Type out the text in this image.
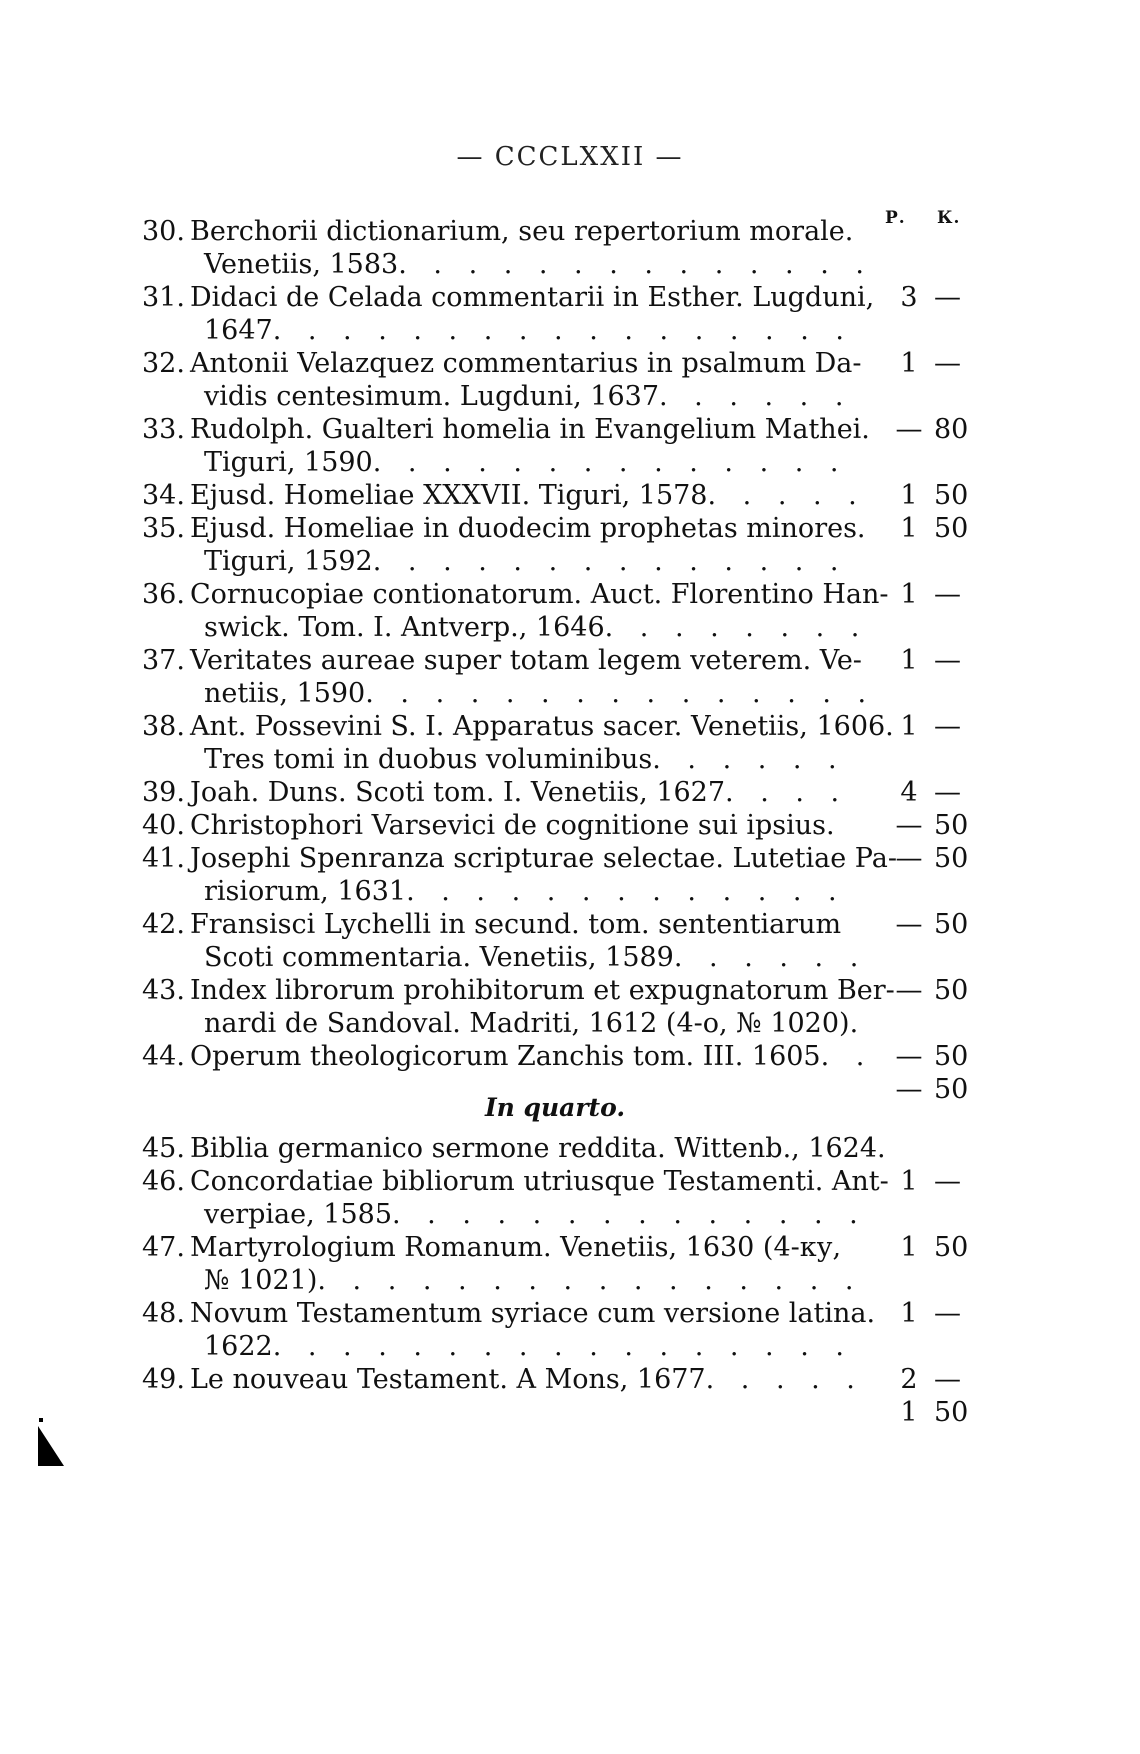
— CCCLXXII —
Р. К.
30. Berchorii dictionarium, seu repertorium morale.
Venetiis, 1583. . . . . . . . . . . . . .
3 —
31. Didaci de Celada commentarii in Esther. Lugduni,
1647. . . . . . . . . . . . . . . . .
1 —
32. Antonii Velazquez commentarius in psalmum Da-
vidis centesimum. Lugduni, 1637. . . . . .
— 80
33. Rudolph. Gualteri homelia in Evangelium Mathei.
Tiguri, 1590. . . . . . . . . . . . . .
1 50
34. Ejusd. Homeliae XXXVII. Tiguri, 1578. . . . .
1 50
35. Ejusd. Homeliae in duodecim prophetas minores.
Tiguri, 1592. . . . . . . . . . . . . .
1 —
36. Cornucopiae contionatorum. Auct. Florentino Han-
swick. Tom. I. Antverp., 1646. . . . . . . .
1 —
37. Veritates aureae super totam legem veterem. Ve-
netiis, 1590. . . . . . . . . . . . . . .
1 —
38. Ant. Possevini S. I. Apparatus sacer. Venetiis, 1606.
Tres tomi in duobus voluminibus. . . . . .
4 —
39. Joah. Duns. Scoti tom. I. Venetiis, 1627. . . .
— 50
40. Christophori Varsevici de cognitione sui ipsius.
— 50
41. Josephi Spenranza scripturae selectae. Lutetiae Pa-
risiorum, 1631. . . . . . . . . . . . .
— 50
42. Fransisci Lychelli in secund. tom. sententiarum
Scoti commentaria. Venetiis, 1589. . . . . .
— 50
43. Index librorum prohibitorum et expugnatorum Ber-
nardi de Sandoval. Madriti, 1612 (4-o, № 1020).
— 50
44. Operum theologicorum Zanchis tom. III. 1605. .
— 50
In quarto.
45. Biblia germanico sermone reddita. Wittenb., 1624.
1 —
46. Concordatiae bibliorum utriusque Testamenti. Ant-
verpiae, 1585. . . . . . . . . . . . . .
1 50
47. Martyrologium Romanum. Venetiis, 1630 (4-ку,
№ 1021). . . . . . . . . . . . . . . .
1 —
48. Novum Testamentum syriace cum versione latina.
1622. . . . . . . . . . . . . . . . .
2 —
49. Le nouveau Testament. A Mons, 1677. . . . .
1 50
